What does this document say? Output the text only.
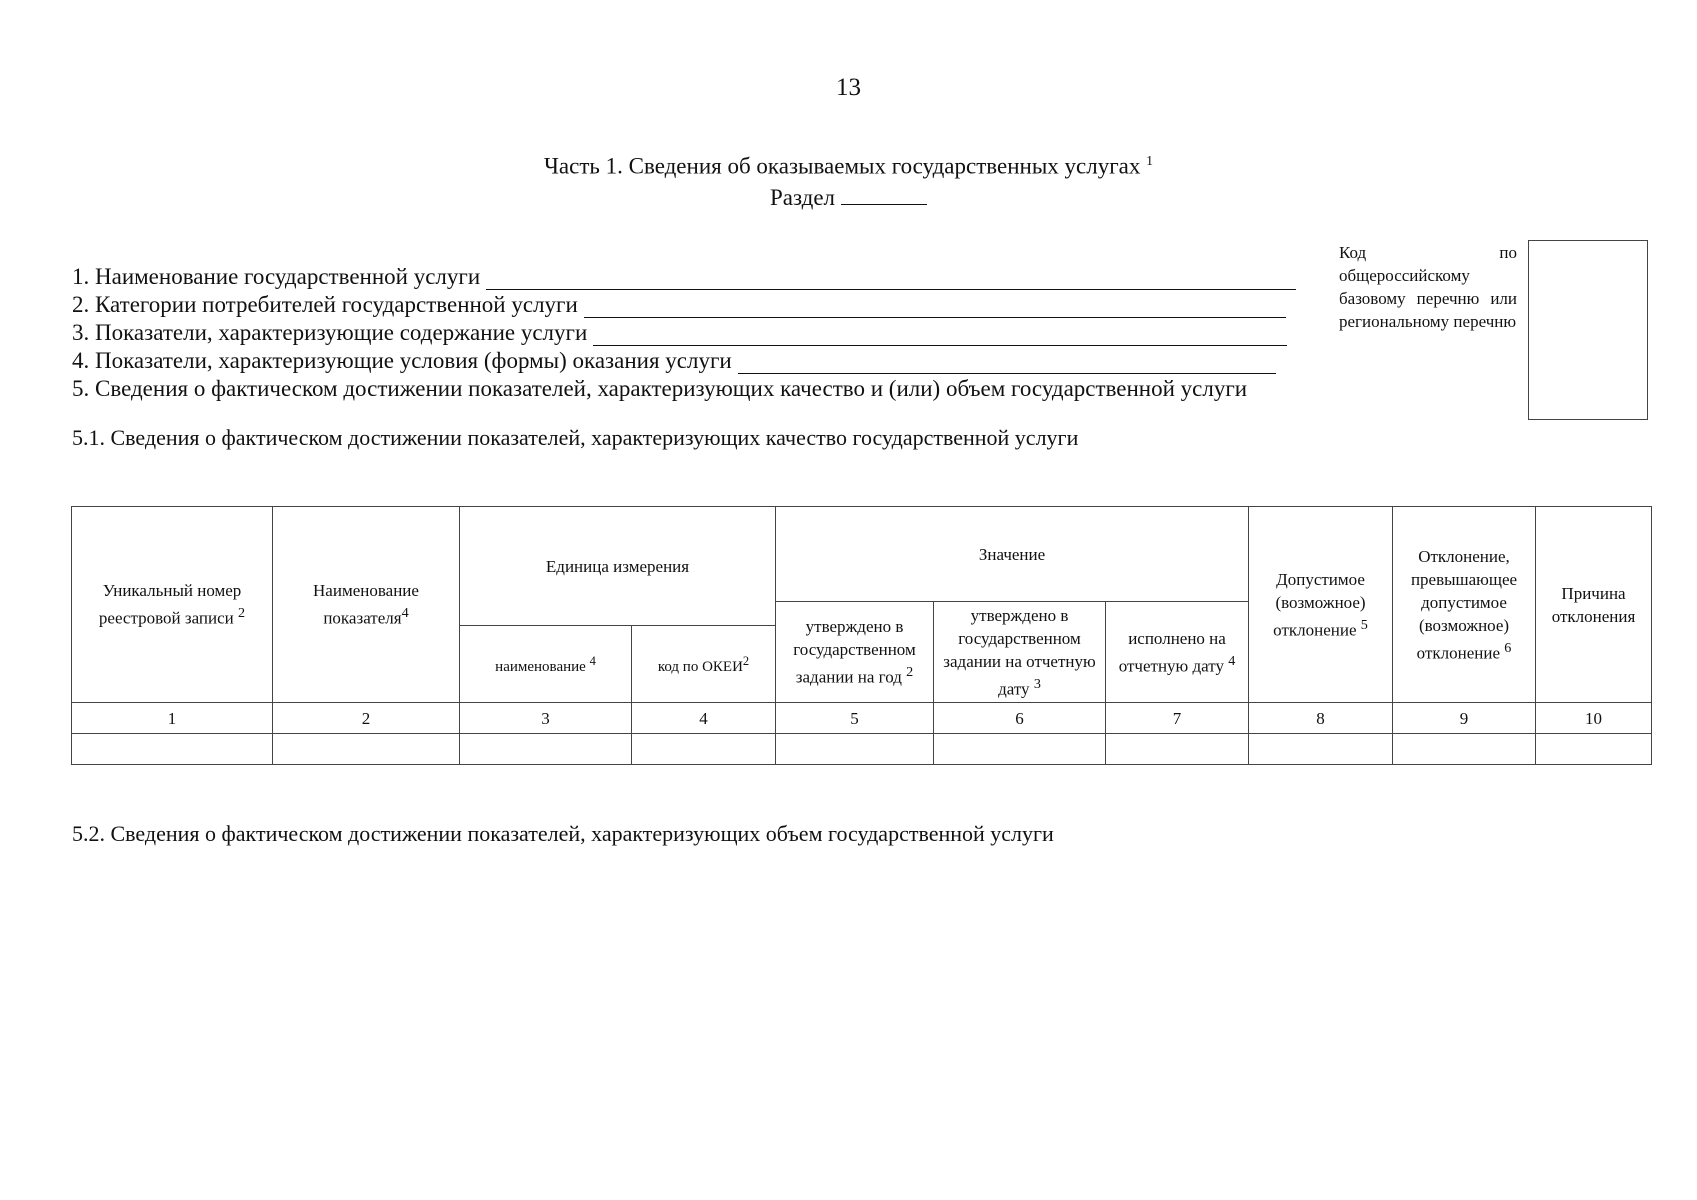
13
Часть 1. Сведения об оказываемых государственных услугах $^1$
Раздел
1. Наименование государственной услуги
2. Категории потребителей государственной услуги
3. Показатели, характеризующие содержание услуги
4. Показатели, характеризующие условия (формы) оказания услуги
5. Сведения о фактическом достижении показателей, характеризующих качество и (или) объем государственной услуги
Код по общероссийскому базовому перечню или региональному перечню
5.1. Сведения о фактическом достижении показателей, характеризующих качество государственной услуги
Уникальный номер реестровой записи $^2$	Наименование показателя$^4$	Единица измерения		Значение			Допустимое (возможное) отклонение $^5$	Отклонение, превышающее допустимое (возможное) отклонение $^6$	Причина отклонения
				утверждено в государственном задании на год $^2$	утверждено в государственном задании на отчетную дату $^3$	исполнено на отчетную дату $^4$
		наименование $^4$	код по ОКЕИ$^2$
1	2	3	4	5	6	7	8	9	10

5.2. Сведения о фактическом достижении показателей, характеризующих объем государственной услуги
